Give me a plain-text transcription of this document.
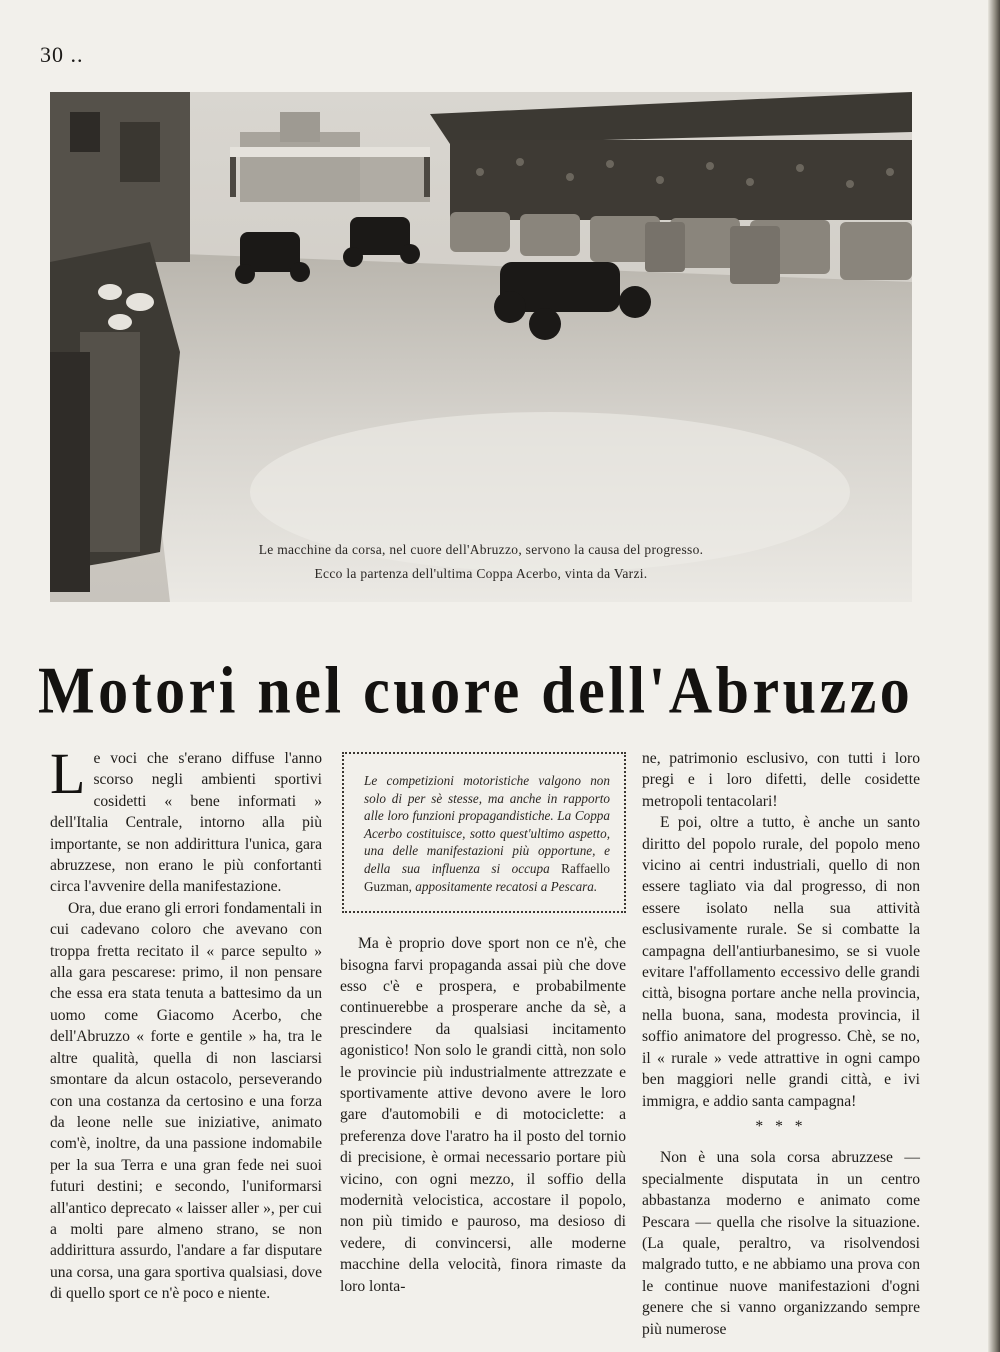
30 ..
Le macchine da corsa, nel cuore dell'Abruzzo, servono la causa del progresso.
Ecco la partenza dell'ultima Coppa Acerbo, vinta da Varzi.
Motori nel cuore dell'Abruzzo

Le voci che s'erano diffuse l'anno scorso negli ambienti sportivi cosidetti « bene informati » dell'Italia Centrale, intorno alla più importante, se non addirittura l'unica, gara abruzzese, non erano le più confortanti circa l'avvenire della manifestazione.

Ora, due erano gli errori fondamentali in cui cadevano coloro che avevano con troppa fretta recitato il « parce sepulto » alla gara pescarese: primo, il non pensare che essa era stata tenuta a battesimo da un uomo come Giacomo Acerbo, che dell'Abruzzo « forte e gentile » ha, tra le altre qualità, quella di non lasciarsi smontare da alcun ostacolo, perseverando con una costanza da certosino e una forza da leone nelle sue iniziative, animato com'è, inoltre, da una passione indomabile per la sua Terra e una gran fede nei suoi futuri destini; e secondo, l'uniformarsi all'antico deprecato « laisser aller », per cui a molti pare almeno strano, se non addirittura assurdo, l'andare a far disputare una corsa, una gara sportiva qualsiasi, dove di quello sport ce n'è poco e niente.

Le competizioni motoristiche valgono non solo di per sè stesse, ma anche in rapporto alle loro funzioni propagandistiche. La Coppa Acerbo costituisce, sotto quest'ultimo aspetto, una delle manifestazioni più opportune, e della sua influenza si occupa Raffaello Guzman, appositamente recatosi a Pescara.

Ma è proprio dove sport non ce n'è, che bisogna farvi propaganda assai più che dove esso c'è e prospera, e probabilmente continuerebbe a prosperare anche da sè, a prescindere da qualsiasi incitamento agonistico! Non solo le grandi città, non solo le provincie più industrialmente attrezzate e sportivamente attive devono avere le loro gare d'automobili e di motociclette: a preferenza dove l'aratro ha il posto del tornio di precisione, è ormai necessario portare più vicino, con ogni mezzo, il soffio della modernità velocistica, accostare il popolo, non più timido e pauroso, ma desioso di vedere, di convincersi, alle moderne macchine della velocità, finora rimaste da loro lonta-

ne, patrimonio esclusivo, con tutti i loro pregi e i loro difetti, delle cosidette metropoli tentacolari!

E poi, oltre a tutto, è anche un santo diritto del popolo rurale, del popolo meno vicino ai centri industriali, quello di non essere tagliato via dal progresso, di non essere isolato nella sua attività esclusivamente rurale. Se si combatte la campagna dell'antiurbanesimo, se si vuole evitare l'affollamento eccessivo delle grandi città, bisogna portare anche nella provincia, nella buona, sana, modesta provincia, il soffio animatore del progresso. Chè, se no, il « rurale » vede attrattive in ogni campo ben maggiori nelle grandi città, e ivi immigra, e addio santa campagna!

* * *

Non è una sola corsa abruzzese — specialmente disputata in un centro abbastanza moderno e animato come Pescara — quella che risolve la situazione. (La quale, peraltro, va risolvendosi malgrado tutto, e ne abbiamo una prova con le continue nuove manifestazioni d'ogni genere che si vanno organizzando sempre più numerose
